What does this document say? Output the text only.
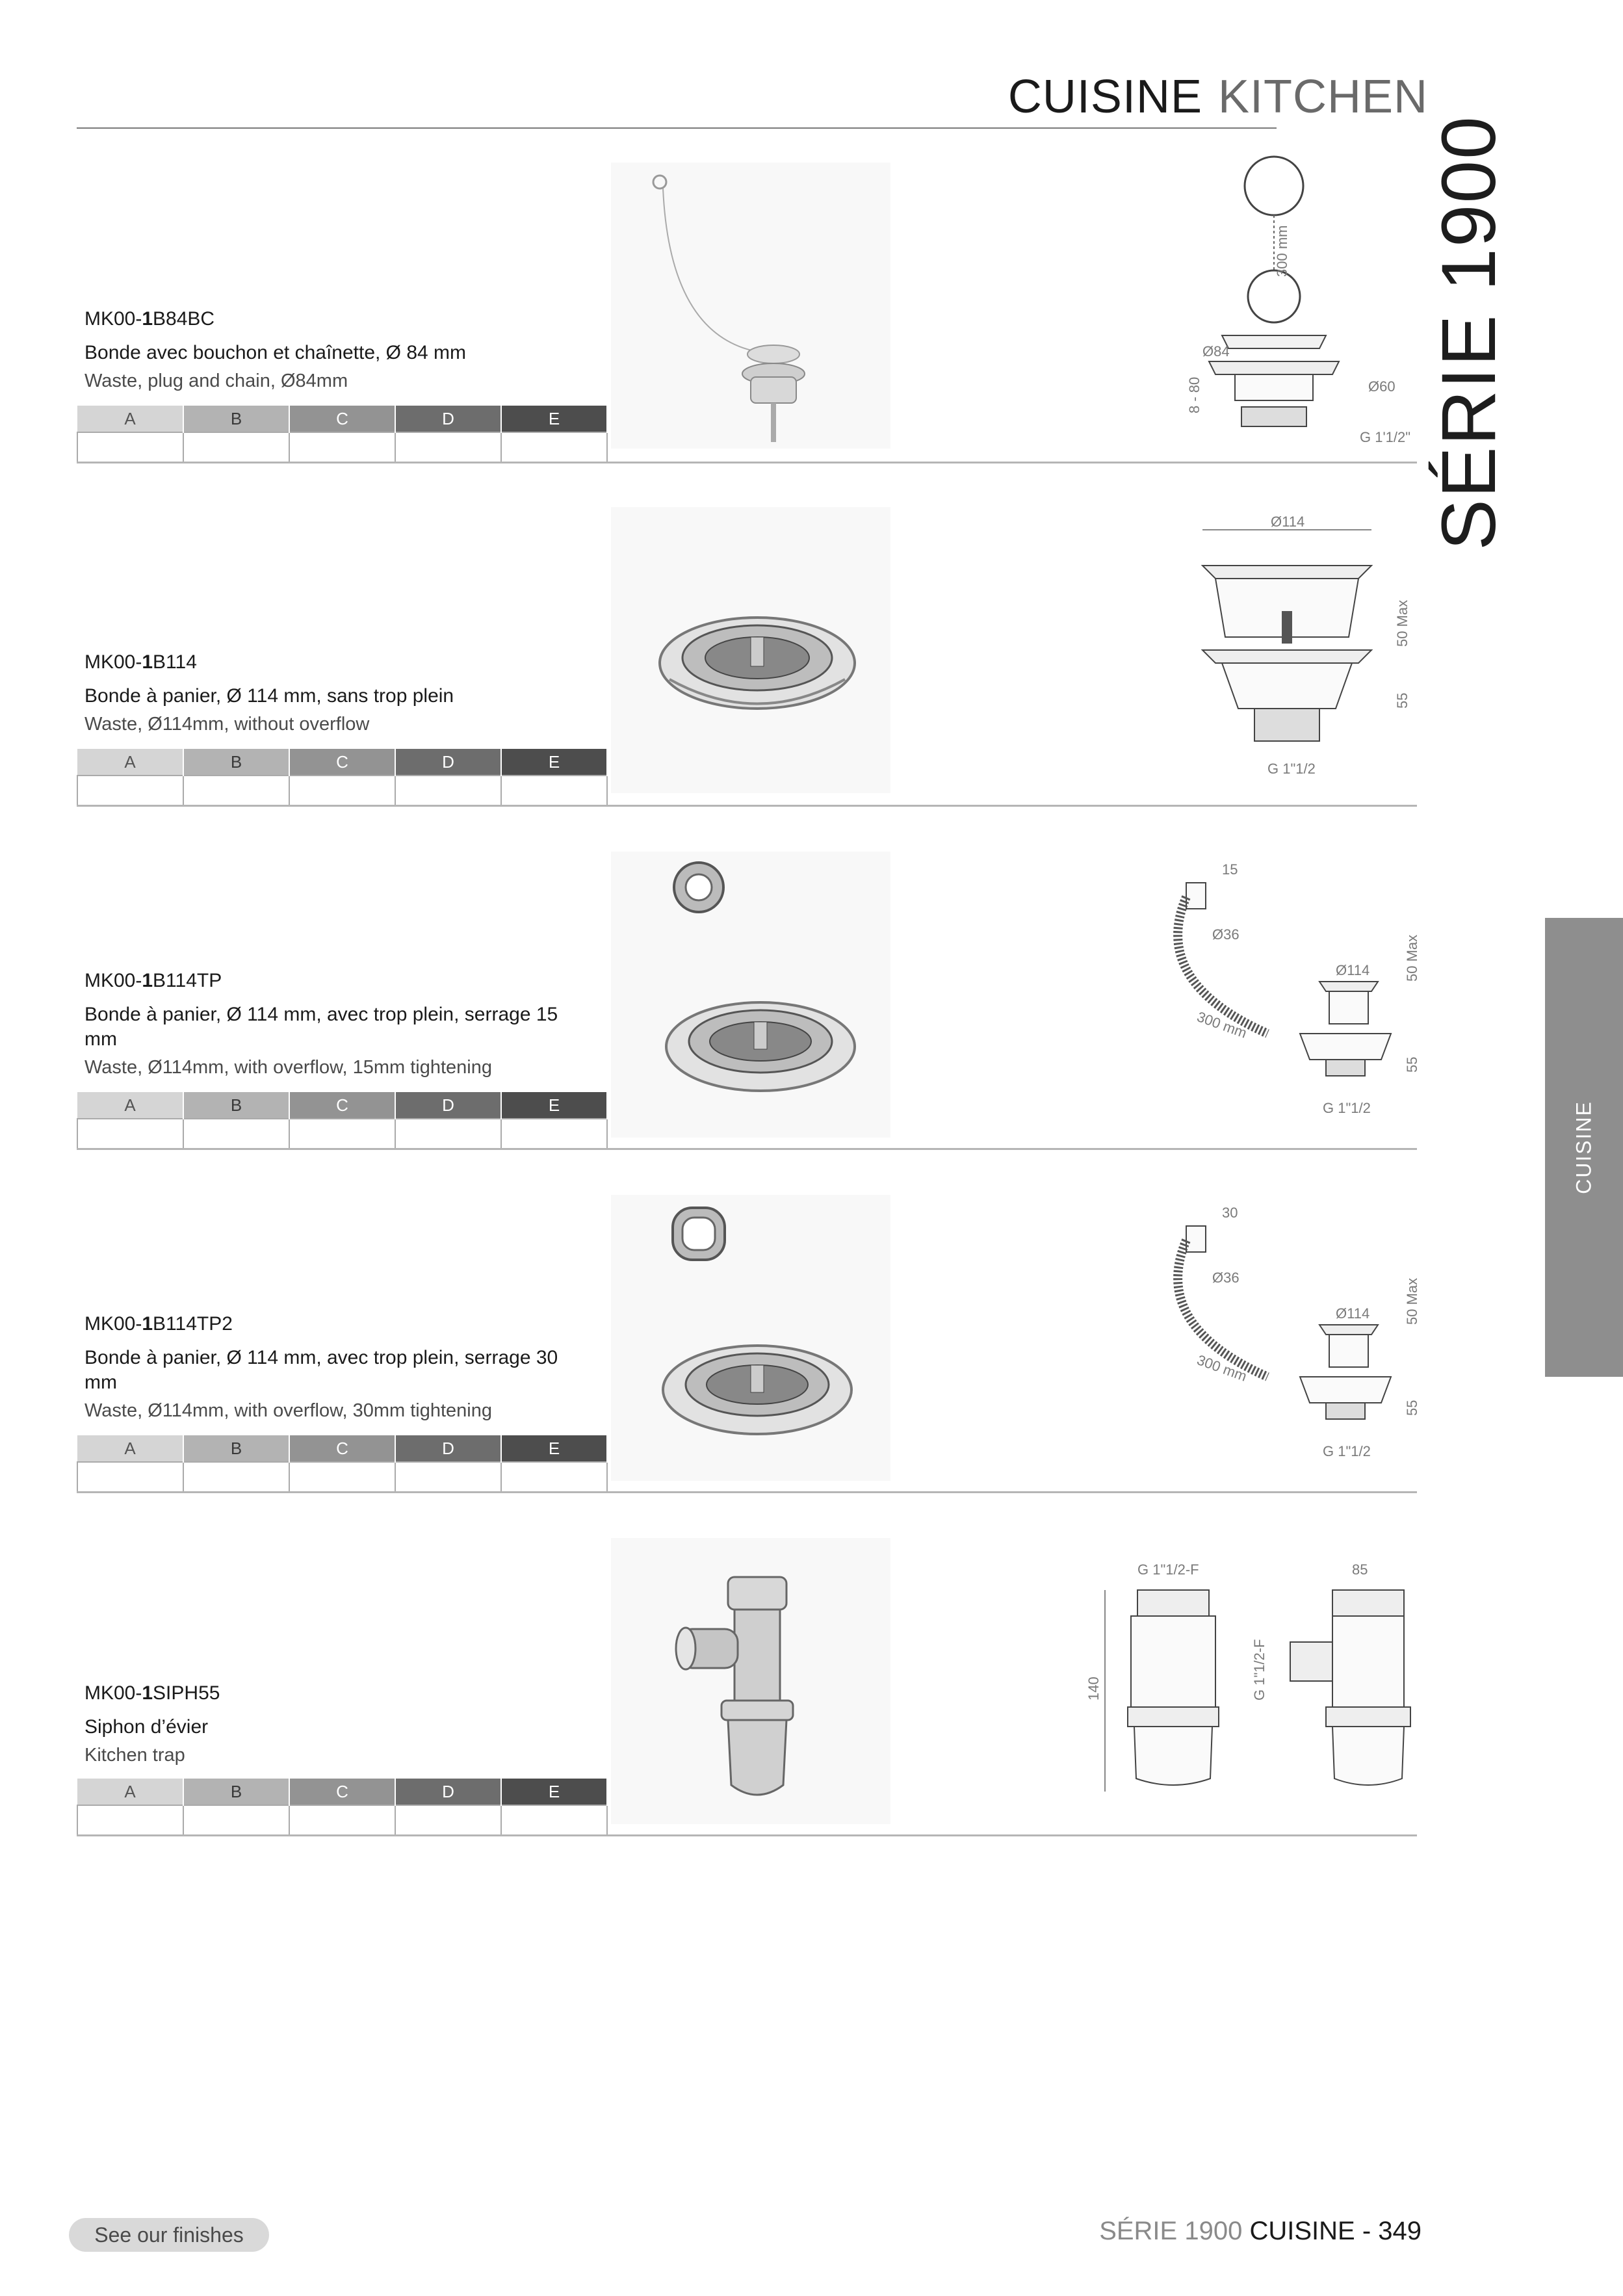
CUISINE KITCHEN
SÉRIE 1900
CUISINE

MK00-1B84BC

Bonde avec bouchon et chaînette, Ø 84 mm

Waste, plug and chain, Ø84mm

A	B	C	D	E

300 mm
Ø84
8 - 80	Ø60
G 1'1/2"

MK00-1B114

Bonde à panier, Ø 114 mm, sans trop plein

Waste, Ø114mm, without overflow

A	B	C	D	E

Ø114
50 Max
55
G 1"1/2

MK00-1B114TP

Bonde à panier, Ø 114 mm, avec trop plein, serrage 15 mm

Waste, Ø114mm, with overflow, 15mm tightening

A	B	C	D	E

15
Ø36
Ø114
300 mm
50 Max
55
G 1"1/2

MK00-1B114TP2

Bonde à panier, Ø 114 mm, avec trop plein, serrage 30 mm

Waste, Ø114mm, with overflow, 30mm tightening

A	B	C	D	E

30
Ø36
Ø114
300 mm
50 Max
55
G 1"1/2

MK00-1SIPH55

Siphon d’évier

Kitchen trap

A	B	C	D	E

G 1"1/2-F
140
85
G 1"1/2-F
See our finishes	SÉRIE 1900 CUISINE - 349
